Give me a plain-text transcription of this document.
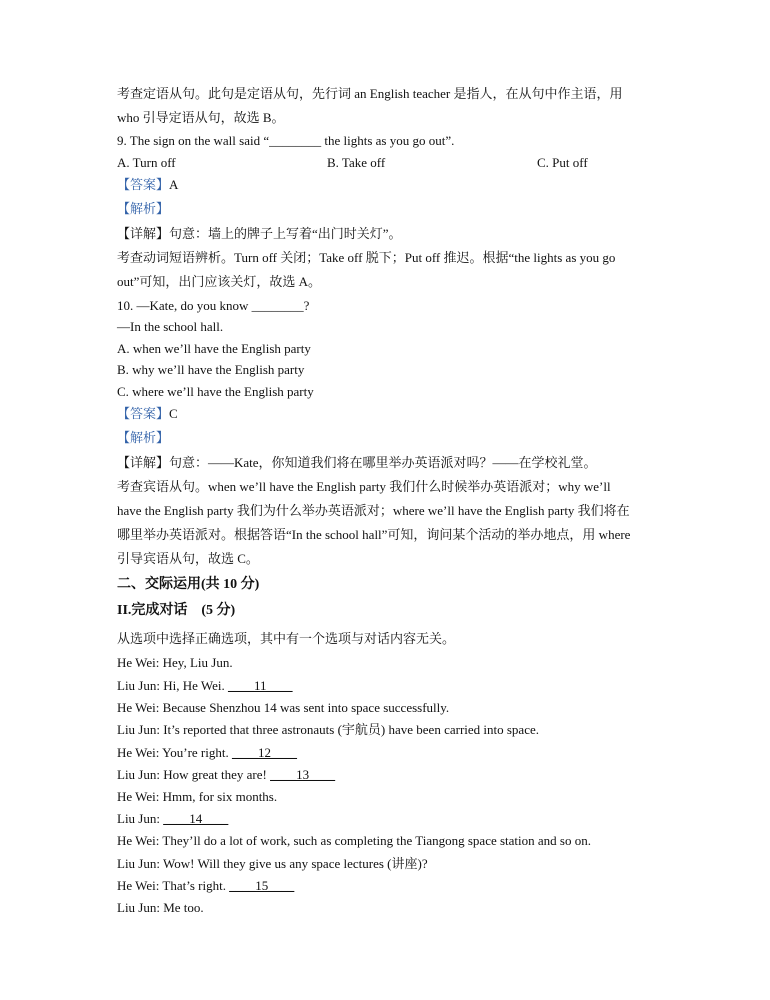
考查定语从句。此句是定语从句，先行词 an English teacher 是指人，在从句中作主语，用
who 引导定语从句，故选 B。
9. The sign on the wall said “________ the lights as you go out”.
A. Turn off	B. Take off	C. Put off
【答案】A
【解析】
【详解】句意：墙上的牌子上写着“出门时关灯”。
考查动词短语辨析。Turn off 关闭；Take off 脱下；Put off 推迟。根据“the lights as you go
out”可知，出门应该关灯，故选 A。
10. —Kate, do you know ________?
—In the school hall.
A. when we’ll have the English party
B. why we’ll have the English party
C. where we’ll have the English party
【答案】C
【解析】
【详解】句意：——Kate，你知道我们将在哪里举办英语派对吗？——在学校礼堂。
考查宾语从句。when we’ll have the English party 我们什么时候举办英语派对；why we’ll
have the English party 我们为什么举办英语派对；where we’ll have the English party 我们将在
哪里举办英语派对。根据答语“In the school hall”可知，询问某个活动的举办地点，用 where
引导宾语从句，故选 C。
二、交际运用(共 10 分)
II.完成对话　(5 分)
从选项中选择正确选项，其中有一个选项与对话内容无关。
He Wei: Hey, Liu Jun.
Liu Jun: Hi, He Wei. ____11____
He Wei: Because Shenzhou 14 was sent into space successfully.
Liu Jun: It’s reported that three astronauts (宇航员) have been carried into space.
He Wei: You’re right. ____12____
Liu Jun: How great they are! ____13____
He Wei: Hmm, for six months.
Liu Jun: ____14____
He Wei: They’ll do a lot of work, such as completing the Tiangong space station and so on.
Liu Jun: Wow! Will they give us any space lectures (讲座)?
He Wei: That’s right. ____15____
Liu Jun: Me too.
